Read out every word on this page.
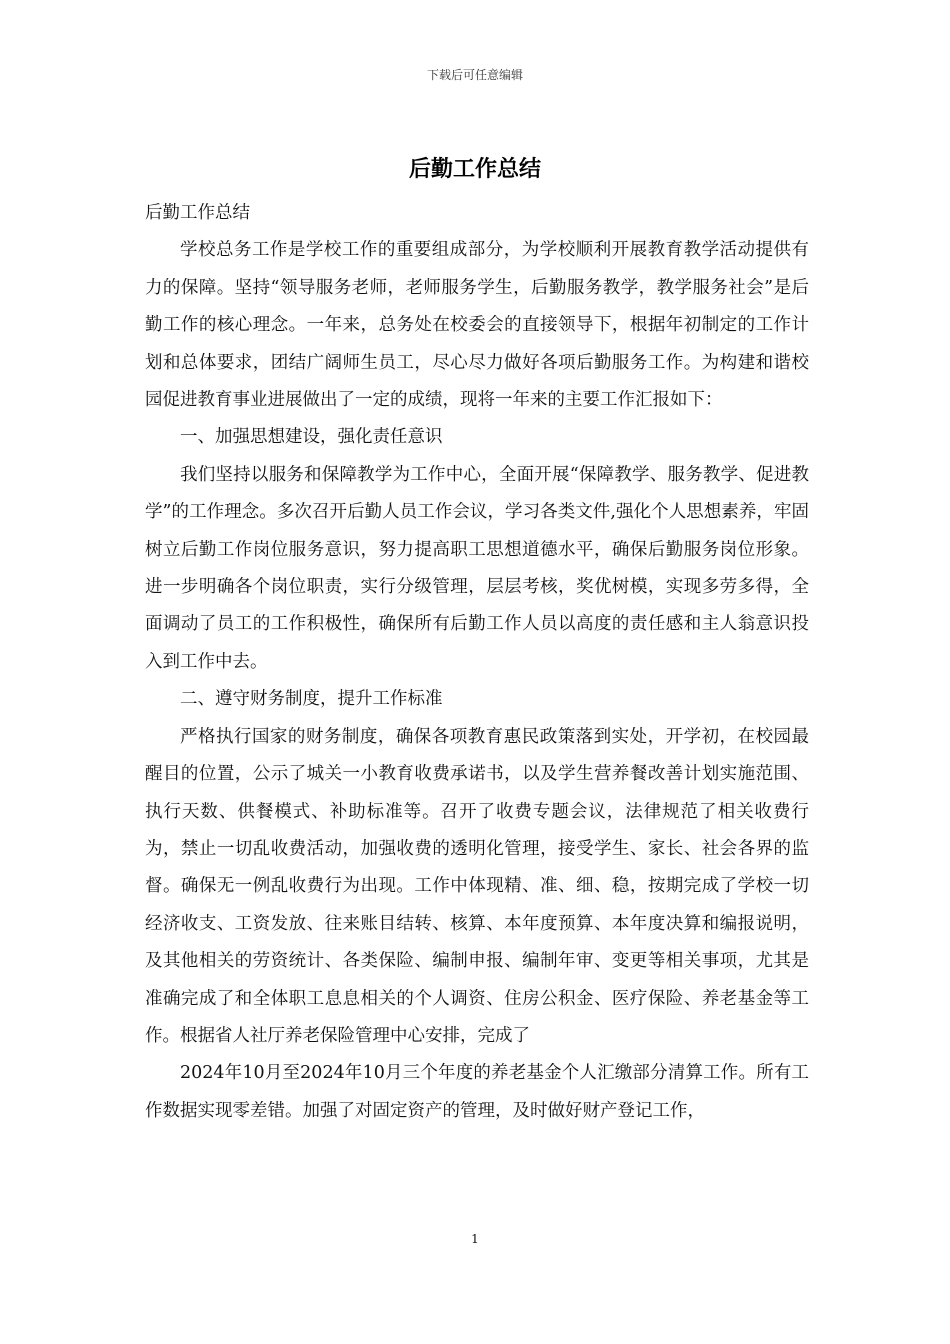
下载后可任意编辑
后勤工作总结

后勤工作总结

学校总务工作是学校工作的重要组成部分，为学校顺利开展教育教学活动提供有力的保障。坚持“领导服务老师，老师服务学生，后勤服务教学，教学服务社会”是后勤工作的核心理念。一年来，总务处在校委会的直接领导下，根据年初制定的工作计划和总体要求，团结广阔师生员工，尽心尽力做好各项后勤服务工作。为构建和谐校园促进教育事业进展做出了一定的成绩，现将一年来的主要工作汇报如下：

一、加强思想建设，强化责任意识

我们坚持以服务和保障教学为工作中心，全面开展“保障教学、服务教学、促进教学”的工作理念。多次召开后勤人员工作会议，学习各类文件,强化个人思想素养，牢固树立后勤工作岗位服务意识，努力提高职工思想道德水平，确保后勤服务岗位形象。进一步明确各个岗位职责，实行分级管理，层层考核，奖优树模，实现多劳多得，全面调动了员工的工作积极性，确保所有后勤工作人员以高度的责任感和主人翁意识投入到工作中去。

二、遵守财务制度，提升工作标准

严格执行国家的财务制度，确保各项教育惠民政策落到实处，开学初，在校园最醒目的位置，公示了城关一小教育收费承诺书，以及学生营养餐改善计划实施范围、执行天数、供餐模式、补助标准等。召开了收费专题会议，法律规范了相关收费行为，禁止一切乱收费活动，加强收费的透明化管理，接受学生、家长、社会各界的监督。确保无一例乱收费行为出现。工作中体现精、准、细、稳，按期完成了学校一切经济收支、工资发放、往来账目结转、核算、本年度预算、本年度决算和编报说明，及其他相关的劳资统计、各类保险、编制申报、编制年审、变更等相关事项，尤其是准确完成了和全体职工息息相关的个人调资、住房公积金、医疗保险、养老基金等工作。根据省人社厅养老保险管理中心安排，完成了

2024年10月至2024年10月三个年度的养老基金个人汇缴部分清算工作。所有工作数据实现零差错。加强了对固定资产的管理，及时做好财产登记工作，

1
